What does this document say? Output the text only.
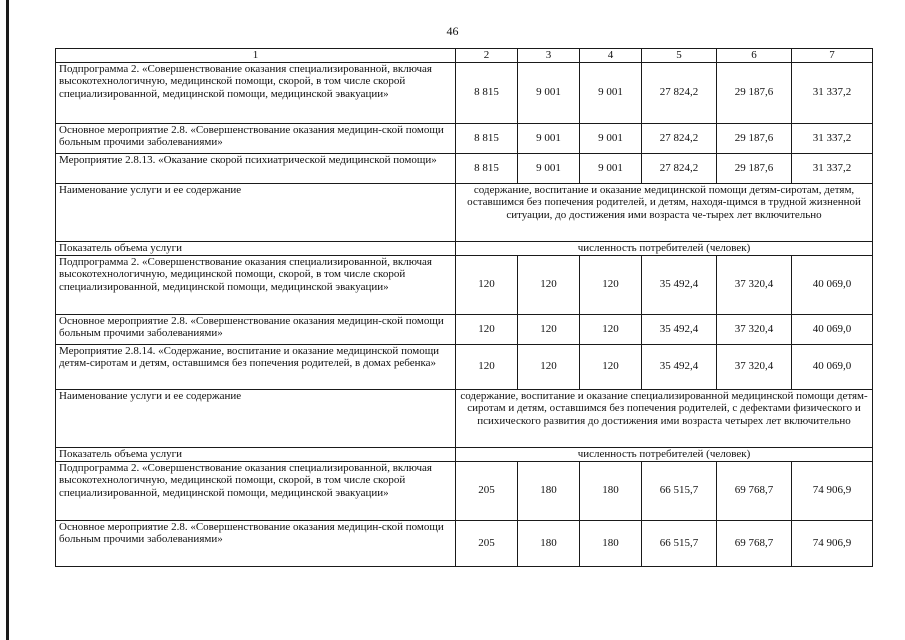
46
1	2	3	4	5	6	7
Подпрограмма 2. «Совершенствование оказания специализированной, включая высокотехнологичную, медицинской помощи, скорой, в том числе скорой специализированной, медицинской помощи, медицинской эвакуации»	8 815	9 001	9 001	27 824,2	29 187,6	31 337,2
Основное мероприятие 2.8. «Совершенствование оказания медицин-ской помощи больным прочими заболеваниями»	8 815	9 001	9 001	27 824,2	29 187,6	31 337,2
Мероприятие 2.8.13. «Оказание скорой психиатрической медицинской помощи»	8 815	9 001	9 001	27 824,2	29 187,6	31 337,2
Наименование услуги и ее содержание	содержание, воспитание и оказание медицинской помощи детям-сиротам, детям, оставшимся без попечения родителей, и детям, находя-щимся в трудной жизненной ситуации, до достижения ими возраста че-тырех лет включительно					
Показатель объема услуги	численность потребителей (человек)					
Подпрограмма 2. «Совершенствование оказания специализированной, включая высокотехнологичную, медицинской помощи, скорой, в том числе скорой специализированной, медицинской помощи, медицинской эвакуации»	120	120	120	35 492,4	37 320,4	40 069,0
Основное мероприятие 2.8. «Совершенствование оказания медицин-ской помощи больным прочими заболеваниями»	120	120	120	35 492,4	37 320,4	40 069,0
Мероприятие 2.8.14. «Содержание, воспитание и оказание медицинской помощи детям-сиротам и детям, оставшимся без попечения родителей, в домах ребенка»	120	120	120	35 492,4	37 320,4	40 069,0
Наименование услуги и ее содержание	содержание, воспитание и оказание специализированной медицинской помощи детям-сиротам и детям, оставшимся без попечения родителей, с дефектами физического и психического развития до достижения ими возраста четырех лет включительно					
Показатель объема услуги	численность потребителей (человек)					
Подпрограмма 2. «Совершенствование оказания специализированной, включая высокотехнологичную, медицинской помощи, скорой, в том числе скорой специализированной, медицинской помощи, медицинской эвакуации»	205	180	180	66 515,7	69 768,7	74 906,9
Основное мероприятие 2.8. «Совершенствование оказания медицин-ской помощи больным прочими заболеваниями»	205	180	180	66 515,7	69 768,7	74 906,9
